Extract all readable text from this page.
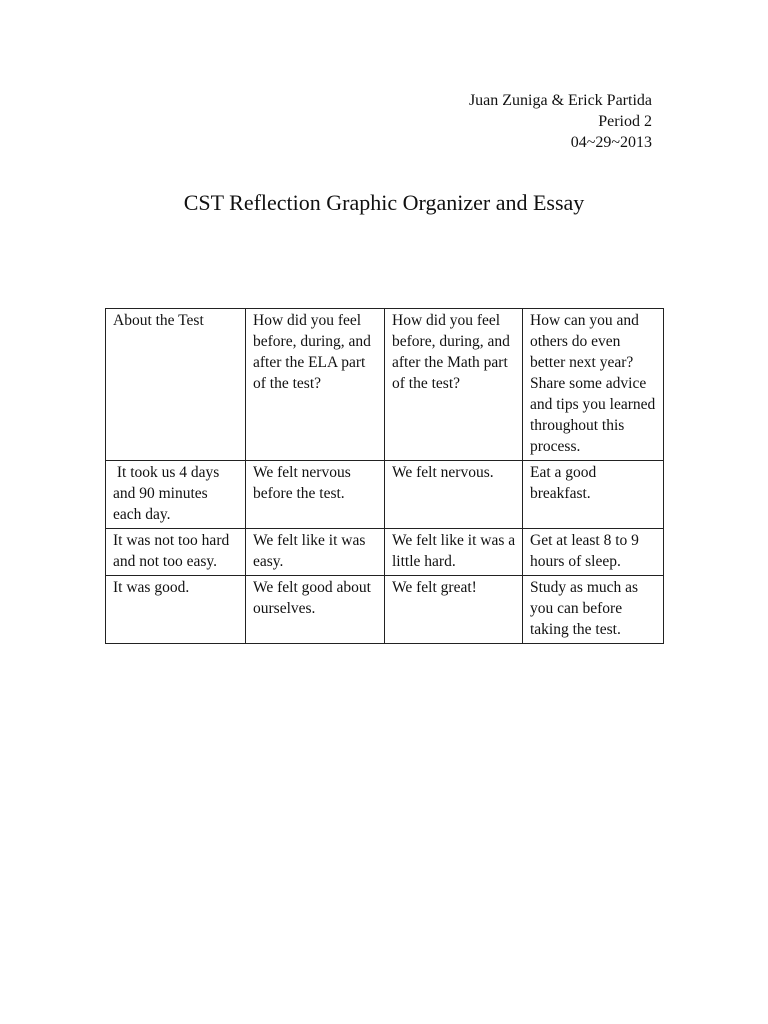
Juan Zuniga & Erick Partida
Period 2
04~29~2013
CST Reflection Graphic Organizer and Essay
About the Test	How did you feel before, during, and after the ELA part of the test?	How did you feel before, during, and after the Math part of the test?	How can you and others do even better next year? Share some advice and tips you learned throughout this process.
It took us 4 days and 90 minutes each day.	We felt nervous before the test.	We felt nervous.	Eat a good breakfast.
It was not too hard and not too easy.	We felt like it was easy.	We felt like it was a little hard.	Get at least 8 to 9 hours of sleep.
It was good.	We felt good about ourselves.	We felt great!	Study as much as you can before taking the test.
